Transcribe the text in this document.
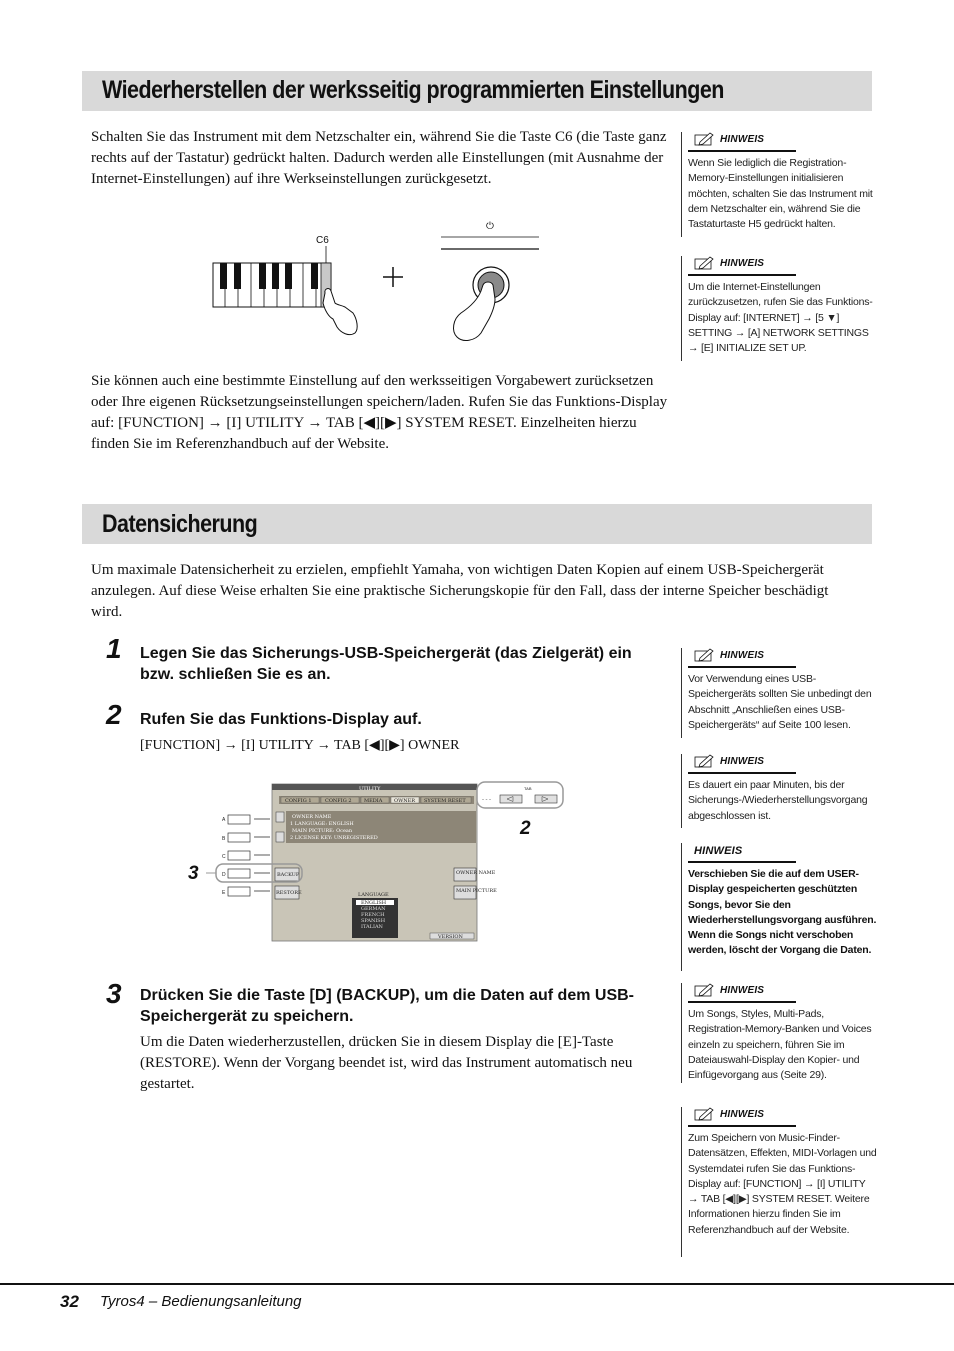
Wiederherstellen der werksseitig programmierten Einstellungen
Schalten Sie das Instrument mit dem Netzschalter ein, während Sie die Taste C6 (die Taste ganz rechts auf der Tastatur) gedrückt halten. Dadurch werden alle Einstellungen (mit Ausnahme der Internet-Einstellungen) auf ihre Werkseinstellungen zurückgesetzt.
C6
⏻
Sie können auch eine bestimmte Einstellung auf den werksseitigen Vorgabewert zurücksetzen oder Ihre eigenen Rücksetzungseinstellungen speichern/laden. Rufen Sie das Funktions-Display auf: [FUNCTION] → [I] UTILITY → TAB [◀][▶] SYSTEM RESET. Einzelheiten hierzu finden Sie im Referenzhandbuch auf der Website.
Datensicherung
Um maximale Datensicherheit zu erzielen, empfiehlt Yamaha, von wichtigen Daten Kopien auf einem USB-Speichergerät anzulegen. Auf diese Weise erhalten Sie eine praktische Sicherungskopie für den Fall, dass der interne Speicher beschädigt wird.
1 Legen Sie das Sicherungs-USB-Speichergerät (das Zielgerät) ein bzw. schließen Sie es an.
2 Rufen Sie das Funktions-Display auf.
[FUNCTION] → [I] UTILITY → TAB [◀][▶] OWNER
UTILITY
CONFIG 1	CONFIG 2 MEDIA OWNER SYSTEM RESET
TAB
- - -
OWNER NAME
1 LANGUAGE: ENGLISH
MAIN PICTURE: Ocean
2 LICENSE KEY: UNREGISTERED
BACKUP
RESTORE
OWNER NAME
MAIN PICTURE
LANGUAGE
ENGLISH
GERMAN
FRENCH
SPANISH
ITALIAN
VERSION
A
B
C
D
E
2
3
3 Drücken Sie die Taste [D] (BACKUP), um die Daten auf dem USB-Speichergerät zu speichern.
Um die Daten wiederherzustellen, drücken Sie in diesem Display die [E]-Taste (RESTORE). Wenn der Vorgang beendet ist, wird das Instrument automatisch neu gestartet.
HINWEIS
Wenn Sie lediglich die Registration-Memory-Einstellungen initialisieren möchten, schalten Sie das Instrument mit dem Netzschalter ein, während Sie die Tastaturtaste H5 gedrückt halten.
HINWEIS
Um die Internet-Einstellungen zurückzusetzen, rufen Sie das Funktions-Display auf: [INTERNET] → [5 ▼] SETTING → [A] NETWORK SETTINGS → [E] INITIALIZE SET UP.
HINWEIS
Vor Verwendung eines USB-Speichergeräts sollten Sie unbedingt den Abschnitt „Anschließen eines USB-Speichergeräts“ auf Seite 100 lesen.
HINWEIS
Es dauert ein paar Minuten, bis der Sicherungs-/Wiederherstellungsvorgang abgeschlossen ist.
HINWEIS
Verschieben Sie die auf dem USER-Display gespeicherten geschützten Songs, bevor Sie den Wiederherstellungsvorgang ausführen. Wenn die Songs nicht verschoben werden, löscht der Vorgang die Daten.
HINWEIS
Um Songs, Styles, Multi-Pads, Registration-Memory-Banken und Voices einzeln zu speichern, führen Sie im Dateiauswahl-Display den Kopier- und Einfügevorgang aus (Seite 29).
HINWEIS
Zum Speichern von Music-Finder-Datensätzen, Effekten, MIDI-Vorlagen und Systemdatei rufen Sie das Funktions-Display auf: [FUNCTION] → [I] UTILITY → TAB [◀][▶] SYSTEM RESET. Weitere Informationen hierzu finden Sie im Referenzhandbuch auf der Website.
32 Tyros4 – Bedienungsanleitung
